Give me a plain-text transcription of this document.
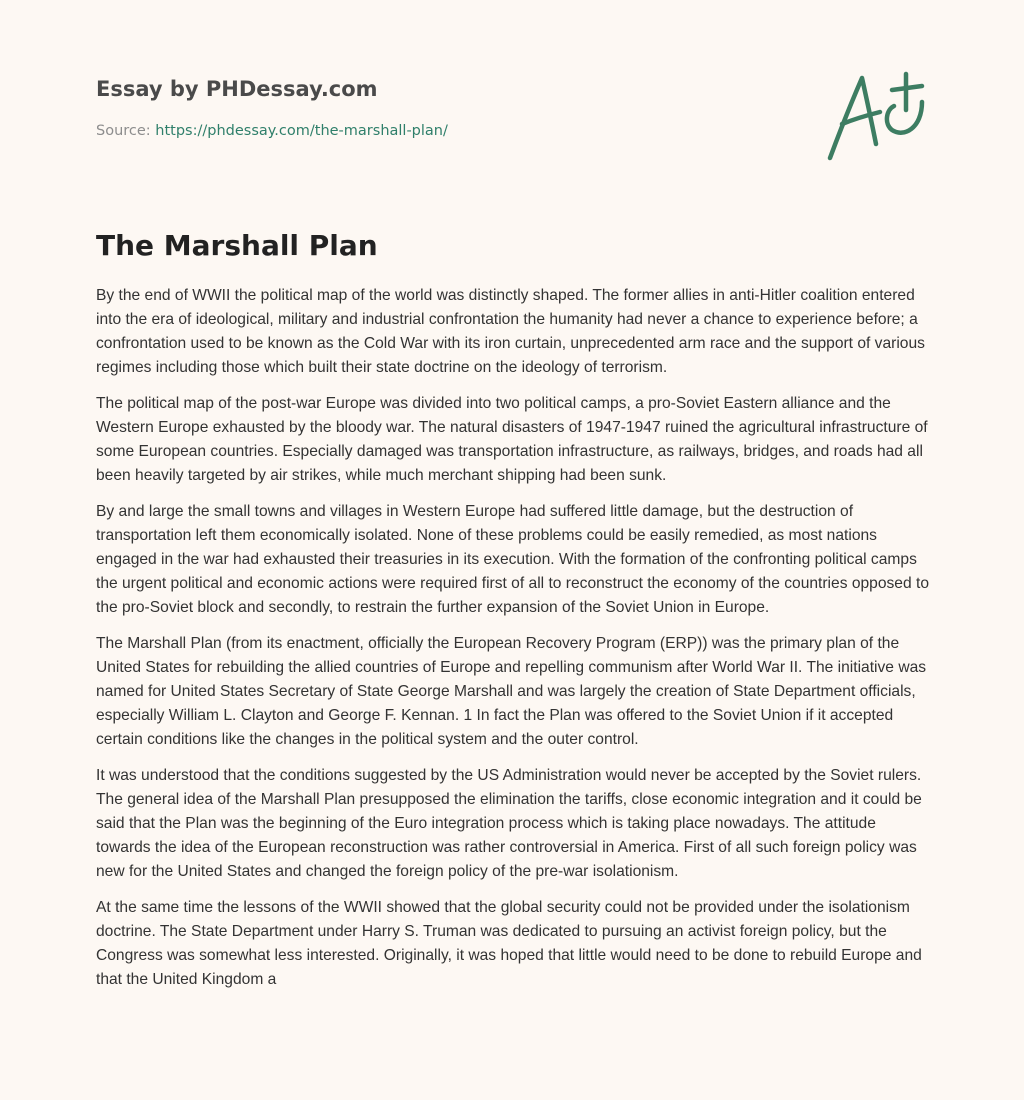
Essay by PHDessay.com
Source: https://phdessay.com/the-marshall-plan/
The Marshall Plan

By the end of WWII the political map of the world was distinctly shaped. The former allies in anti-Hitler coalition entered into the era of ideological, military and industrial confrontation the humanity had never a chance to experience before; a confrontation used to be known as the Cold War with its iron curtain, unprecedented arm race and the support of various regimes including those which built their state doctrine on the ideology of terrorism.

The political map of the post-war Europe was divided into two political camps, a pro-Soviet Eastern alliance and the Western Europe exhausted by the bloody war. The natural disasters of 1947-1947 ruined the agricultural infrastructure of some European countries. Especially damaged was transportation infrastructure, as railways, bridges, and roads had all been heavily targeted by air strikes, while much merchant shipping had been sunk.

By and large the small towns and villages in Western Europe had suffered little damage, but the destruction of transportation left them economically isolated. None of these problems could be easily remedied, as most nations engaged in the war had exhausted their treasuries in its execution. With the formation of the confronting political camps the urgent political and economic actions were required first of all to reconstruct the economy of the countries opposed to the pro-Soviet block and secondly, to restrain the further expansion of the Soviet Union in Europe.

The Marshall Plan (from its enactment, officially the European Recovery Program (ERP)) was the primary plan of the United States for rebuilding the allied countries of Europe and repelling communism after World War II. The initiative was named for United States Secretary of State George Marshall and was largely the creation of State Department officials, especially William L. Clayton and George F. Kennan. 1 In fact the Plan was offered to the Soviet Union if it accepted certain conditions like the changes in the political system and the outer control.

It was understood that the conditions suggested by the US Administration would never be accepted by the Soviet rulers. The general idea of the Marshall Plan presupposed the elimination the tariffs, close economic integration and it could be said that the Plan was the beginning of the Euro integration process which is taking place nowadays. The attitude towards the idea of the European reconstruction was rather controversial in America. First of all such foreign policy was new for the United States and changed the foreign policy of the pre-war isolationism.

At the same time the lessons of the WWII showed that the global security could not be provided under the isolationism doctrine. The State Department under Harry S. Truman was dedicated to pursuing an activist foreign policy, but the Congress was somewhat less interested. Originally, it was hoped that little would need to be done to rebuild Europe and that the United Kingdom a
